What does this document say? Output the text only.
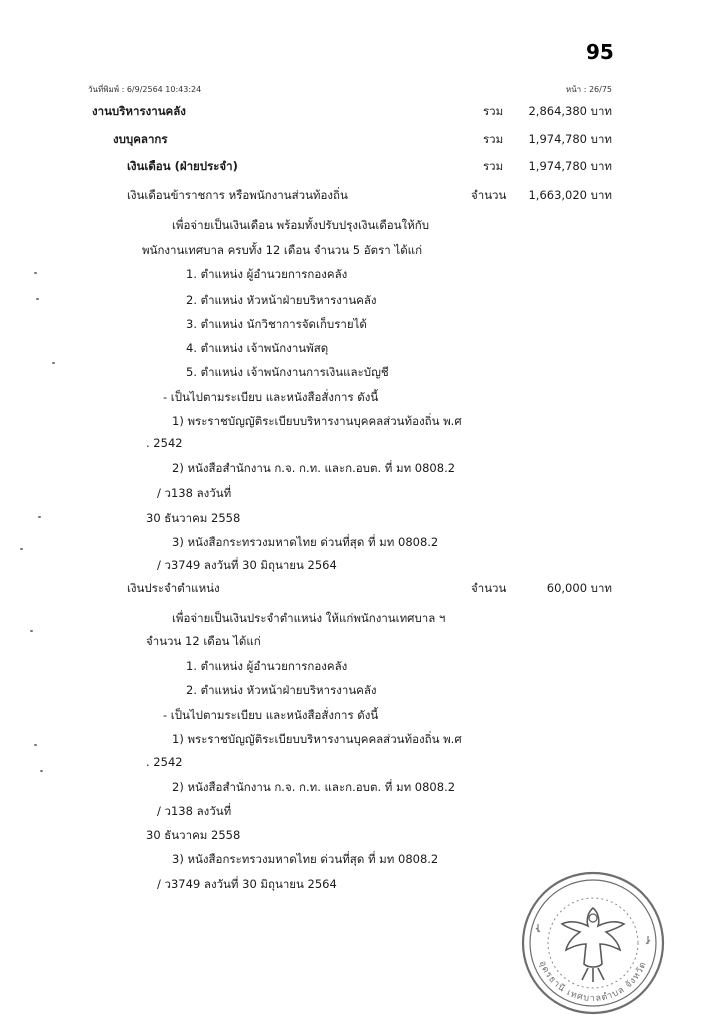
95
วันที่พิมพ์ : 6/9/2564 10:43:24	หน้า : 26/75
งานบริหารงานคลัง	รวม 2,864,380 บาท
งบบุคลากร	รวม 1,974,780 บาท
เงินเดือน (ฝ่ายประจำ)	รวม 1,974,780 บาท
เงินเดือนข้าราชการ หรือพนักงานส่วนท้องถิ่น	จำนวน 1,663,020 บาท
เพื่อจ่ายเป็นเงินเดือน พร้อมทั้งปรับปรุงเงินเดือนให้กับ
พนักงานเทศบาล ครบทั้ง 12 เดือน จำนวน 5 อัตรา ได้แก่
1. ตำแหน่ง ผู้อำนวยการกองคลัง
2. ตำแหน่ง หัวหน้าฝ่ายบริหารงานคลัง
3. ตำแหน่ง นักวิชาการจัดเก็บรายได้
4. ตำแหน่ง เจ้าพนักงานพัสดุ
5. ตำแหน่ง เจ้าพนักงานการเงินและบัญชี
- เป็นไปตามระเบียบ และหนังสือสั่งการ ดังนี้
1) พระราชบัญญัติระเบียบบริหารงานบุคคลส่วนท้องถิ่น พ.ศ
. 2542
2) หนังสือสำนักงาน ก.จ. ก.ท. และก.อบต. ที่ มท 0808.2
/ ว138 ลงวันที่
30 ธันวาคม 2558
3) หนังสือกระทรวงมหาดไทย ด่วนที่สุด ที่ มท 0808.2
/ ว3749 ลงวันที่ 30 มิถุนายน 2564
เงินประจำตำแหน่ง	จำนวน	60,000 บาท
เพื่อจ่ายเป็นเงินประจำตำแหน่ง ให้แก่พนักงานเทศบาล ฯ
จำนวน 12 เดือน ได้แก่
1. ตำแหน่ง ผู้อำนวยการกองคลัง
2. ตำแหน่ง หัวหน้าฝ่ายบริหารงานคลัง
- เป็นไปตามระเบียบ และหนังสือสั่งการ ดังนี้
1) พระราชบัญญัติระเบียบบริหารงานบุคคลส่วนท้องถิ่น พ.ศ
. 2542
2) หนังสือสำนักงาน ก.จ. ก.ท. และก.อบต. ที่ มท 0808.2
/ ว138 ลงวันที่
30 ธันวาคม 2558
3) หนังสือกระทรวงมหาดไทย ด่วนที่สุด ที่ มท 0808.2
/ ว3749 ลงวันที่ 30 มิถุนายน 2564
อุดรธานี เทศบาลตำบล จังหวัด
